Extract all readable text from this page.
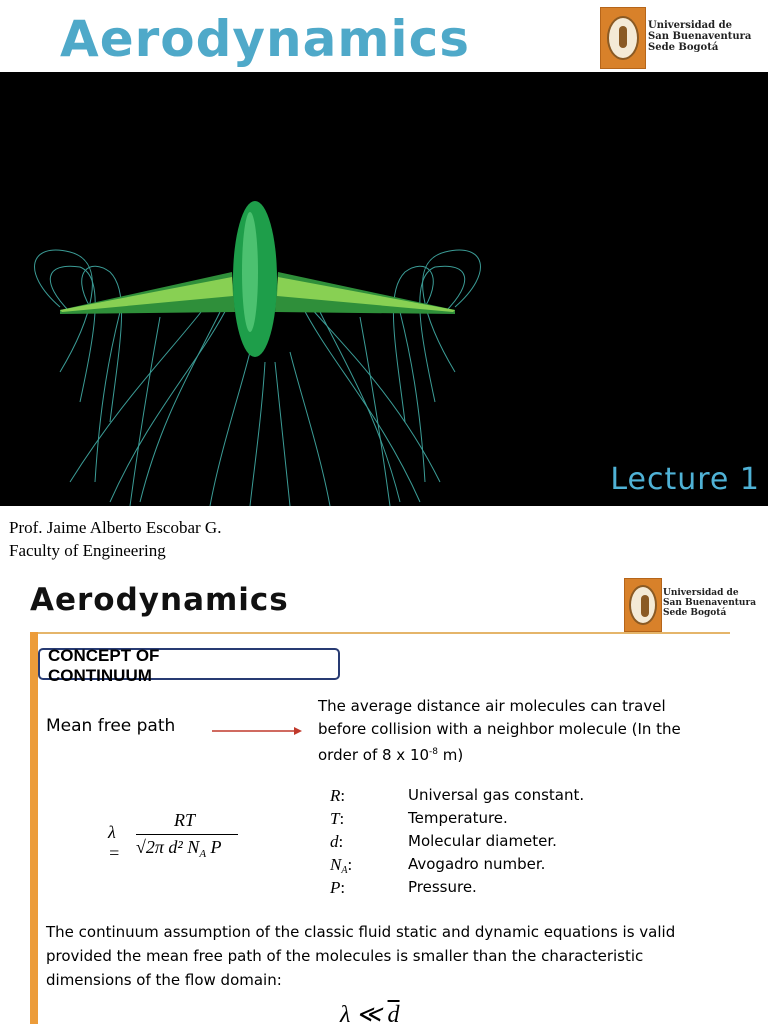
Aerodynamics	Universidad de
San Buenaventura
Sede Bogotá
Lecture 1
Prof. Jaime Alberto Escobar G.
Faculty of Engineering
Aerodynamics	Universidad de
San Buenaventura
Sede Bogotá
CONCEPT OF CONTINUUM
Mean free path
The average distance air molecules can travel before collision with a neighbor molecule (In the order of 8 x $10^{-8}$ m)
λ =
RT
√2π d² $N_A$ P
R:	Universal gas constant.
T:	Temperature.
d:	Molecular diameter.
$N_A$:	Avogadro number.
P:	Pressure.
The continuum assumption of the classic fluid static and dynamic equations is valid provided the mean free path of the molecules is smaller than the characteristic dimensions of the flow domain:
λ ≪ $\overline{d}$
